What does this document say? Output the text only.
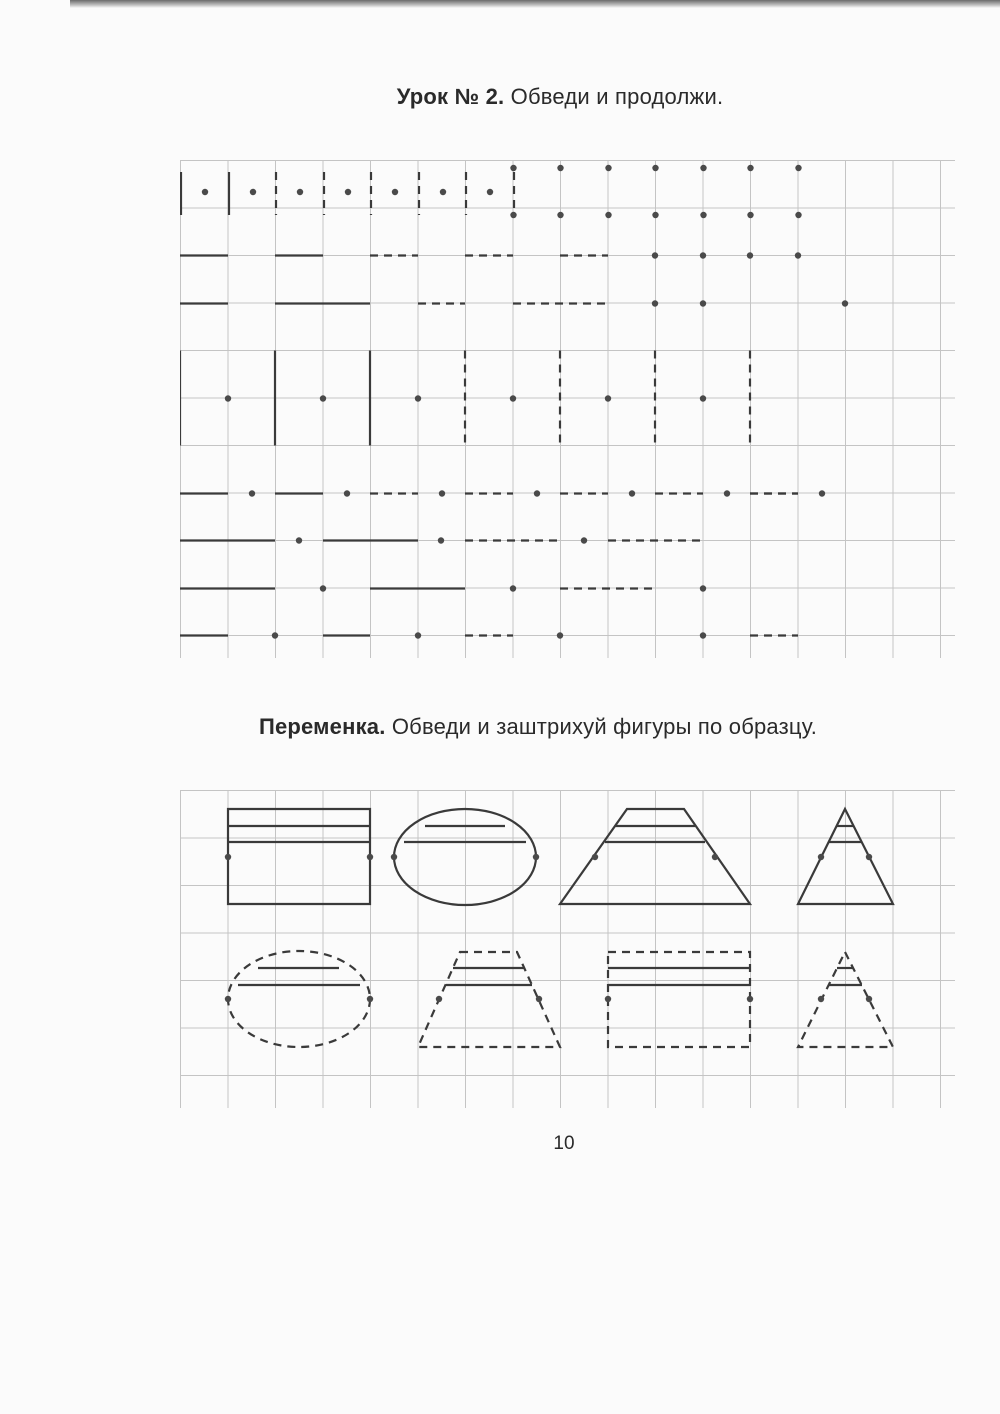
Урок № 2. Обведи и продолжи.
Переменка. Обведи и заштрихуй фигуры по образцу.
10
